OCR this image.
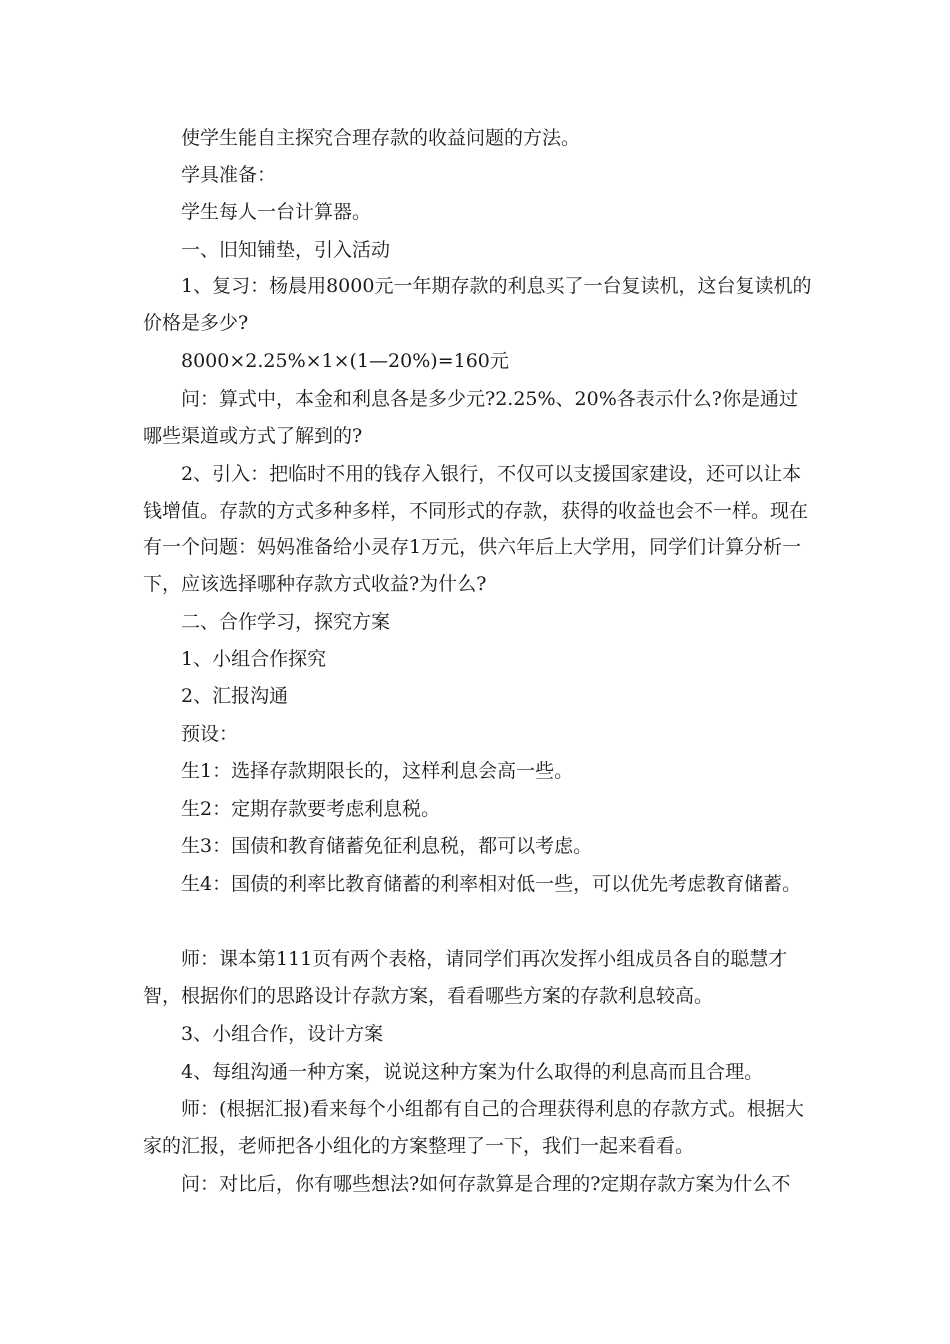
使学生能自主探究合理存款的收益问题的方法。

学具准备：

学生每人一台计算器。

一、旧知铺垫，引入活动

1、复习：杨晨用8000元一年期存款的利息买了一台复读机，这台复读机的价格是多少?

8000×2.25%×1×(1—20%)=160元

问：算式中，本金和利息各是多少元?2.25%、20%各表示什么?你是通过哪些渠道或方式了解到的?

2、引入：把临时不用的钱存入银行，不仅可以支援国家建设，还可以让本钱增值。存款的方式多种多样，不同形式的存款，获得的收益也会不一样。现在有一个问题：妈妈准备给小灵存1万元，供六年后上大学用，同学们计算分析一下，应该选择哪种存款方式收益?为什么?

二、合作学习，探究方案

1、小组合作探究

2、汇报沟通

预设：

生1：选择存款期限长的，这样利息会高一些。

生2：定期存款要考虑利息税。

生3：国债和教育储蓄免征利息税，都可以考虑。

生4：国债的利率比教育储蓄的利率相对低一些，可以优先考虑教育储蓄。

师：课本第111页有两个表格，请同学们再次发挥小组成员各自的聪慧才智，根据你们的思路设计存款方案，看看哪些方案的存款利息较高。

3、小组合作，设计方案

4、每组沟通一种方案，说说这种方案为什么取得的利息高而且合理。

师：(根据汇报)看来每个小组都有自己的合理获得利息的存款方式。根据大家的汇报，老师把各小组化的方案整理了一下，我们一起来看看。

问：对比后，你有哪些想法?如何存款算是合理的?定期存款方案为什么不
